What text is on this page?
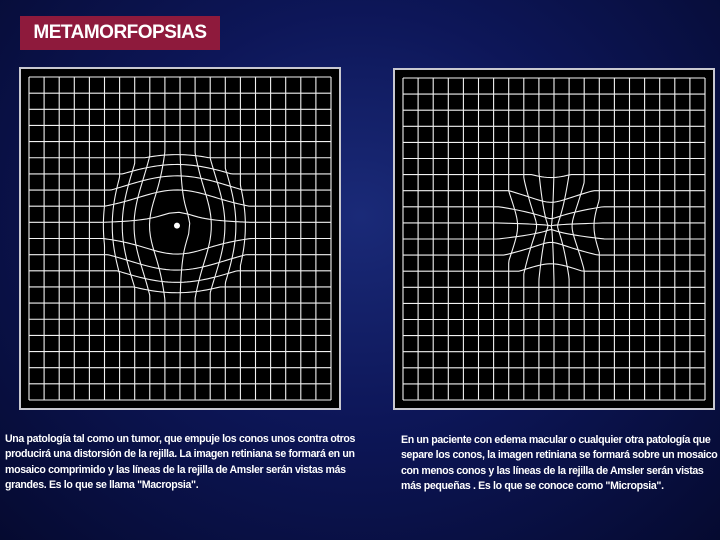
METAMORFOPSIAS
Una patología tal como un tumor, que empuje los conos unos contra otros producirá una distorsión de la rejilla. La imagen retiniana se formará en un mosaico comprimido y las líneas de la rejilla de Amsler serán vistas más grandes. Es lo que se llama "Macropsia".
En un paciente con edema macular o cualquier otra patología que separe los conos, la imagen retiniana se formará sobre un mosaico con menos conos y las líneas de la rejilla de Amsler serán vistas más pequeñas . Es lo que se conoce como "Micropsia".
